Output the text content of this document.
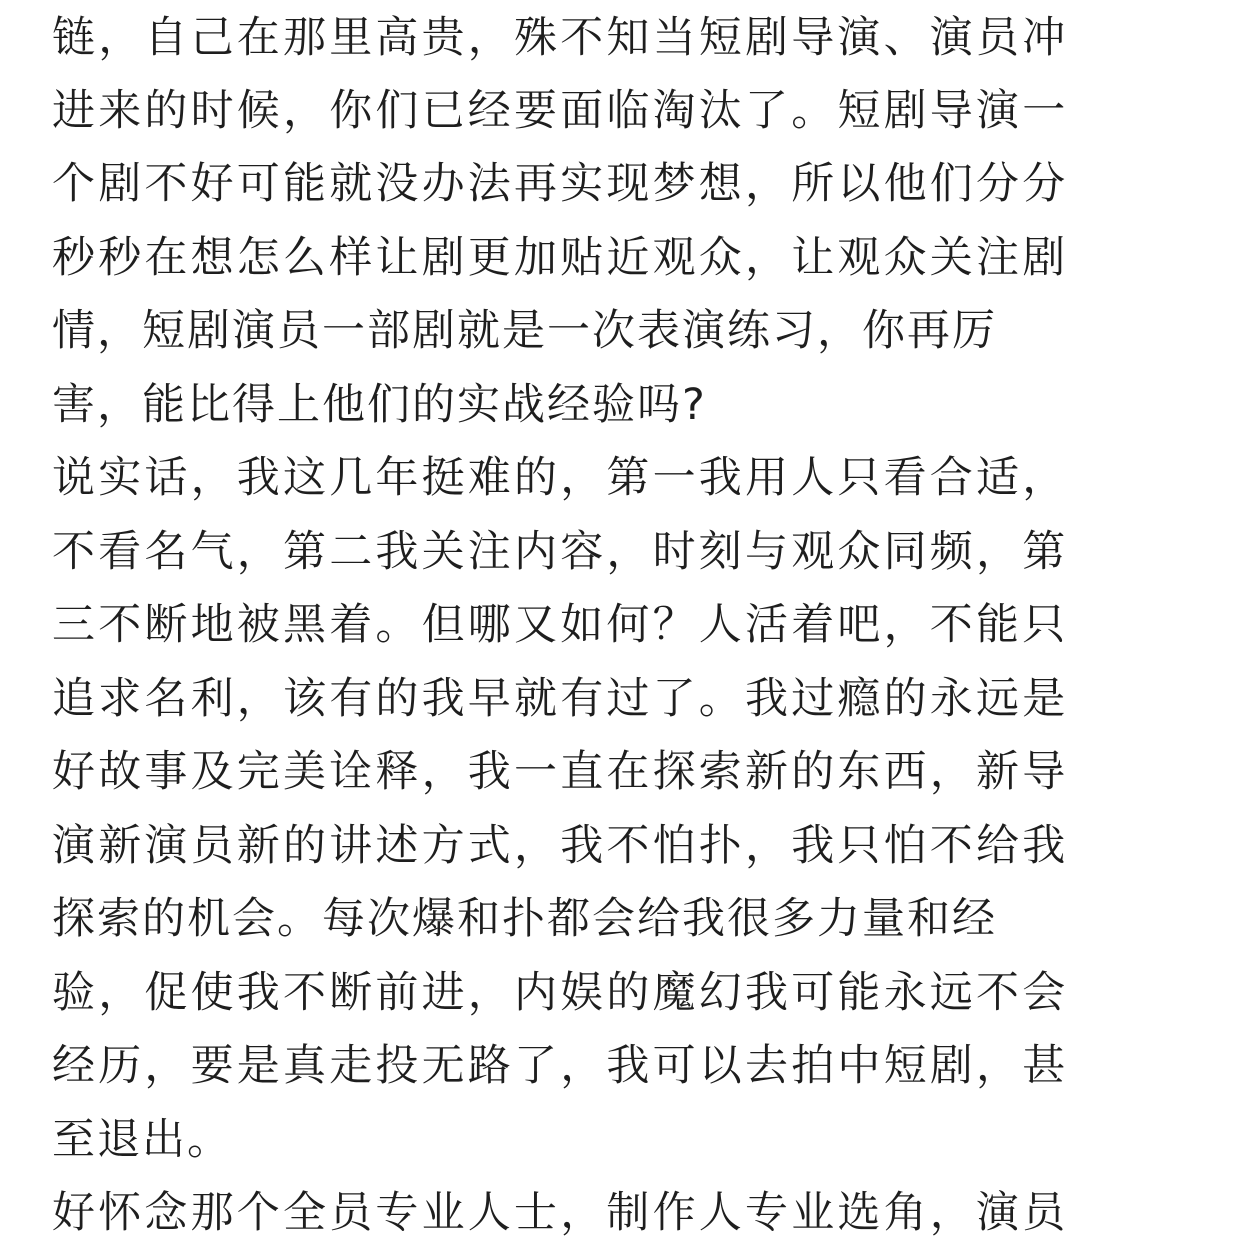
链，自己在那里高贵，殊不知当短剧导演、演员冲
进来的时候，你们已经要面临淘汰了。短剧导演一
个剧不好可能就没办法再实现梦想，所以他们分分
秒秒在想怎么样让剧更加贴近观众，让观众关注剧
情，短剧演员一部剧就是一次表演练习，你再厉
害，能比得上他们的实战经验吗?
说实话，我这几年挺难的，第一我用人只看合适，
不看名气，第二我关注内容，时刻与观众同频，第
三不断地被黑着。但哪又如何？人活着吧，不能只
追求名利，该有的我早就有过了。我过瘾的永远是
好故事及完美诠释，我一直在探索新的东西，新导
演新演员新的讲述方式，我不怕扑，我只怕不给我
探索的机会。每次爆和扑都会给我很多力量和经
验，促使我不断前进，内娱的魔幻我可能永远不会
经历，要是真走投无路了，我可以去拍中短剧，甚
至退出。
好怀念那个全员专业人士，制作人专业选角，演员
